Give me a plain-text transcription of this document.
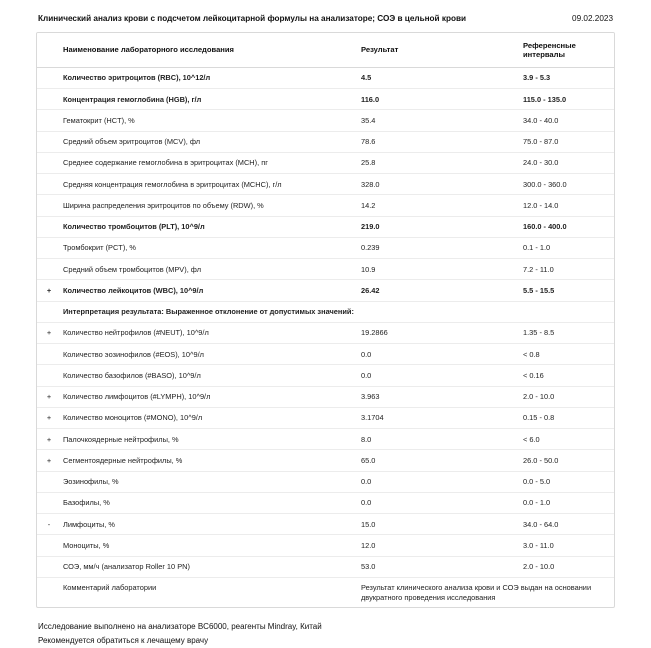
Клинический анализ крови с подсчетом лейкоцитарной формулы на анализаторе; СОЭ в цельной крови	09.02.2023
	Наименование лабораторного исследования	Результат	Референсные интервалы
	Количество эритроцитов (RBC), 10^12/л	4.5	3.9 - 5.3
	Концентрация гемоглобина (HGB), г/л	116.0	115.0 - 135.0
	Гематокрит (HCT), %	35.4	34.0 - 40.0
	Средний объем эритроцитов (MCV), фл	78.6	75.0 - 87.0
	Среднее содержание гемоглобина в эритроцитах (MCH), пг	25.8	24.0 - 30.0
	Средняя концентрация гемоглобина в эритроцитах (MCHC), г/л	328.0	300.0 - 360.0
	Ширина распределения эритроцитов по объему (RDW), %	14.2	12.0 - 14.0
	Количество тромбоцитов (PLT), 10^9/л	219.0	160.0 - 400.0
	Тромбокрит (PCT), %	0.239	0.1 - 1.0
	Средний объем тромбоцитов (MPV), фл	10.9	7.2 - 11.0
+	Количество лейкоцитов (WBC), 10^9/л	26.42	5.5 - 15.5
	Интерпретация результата: Выраженное отклонение от допустимых значений:		
+	Количество нейтрофилов (#NEUT), 10^9/л	19.2866	1.35 - 8.5
	Количество эозинофилов (#EOS), 10^9/л	0.0	< 0.8
	Количество базофилов (#BASO), 10^9/л	0.0	< 0.16
+	Количество лимфоцитов (#LYMPH), 10^9/л	3.963	2.0 - 10.0
+	Количество моноцитов (#MONO), 10^9/л	3.1704	0.15 - 0.8
+	Палочкоядерные нейтрофилы, %	8.0	< 6.0
+	Сегментоядерные нейтрофилы, %	65.0	26.0 - 50.0
	Эозинофилы, %	0.0	0.0 - 5.0
	Базофилы, %	0.0	0.0 - 1.0
-	Лимфоциты, %	15.0	34.0 - 64.0
	Моноциты, %	12.0	3.0 - 11.0
	СОЭ, мм/ч (анализатор Roller 10 PN)	53.0	2.0 - 10.0
	Комментарий лаборатории	Результат клинического анализа крови и СОЭ выдан на основании двукратного проведения исследования	
Исследование выполнено на анализаторе BC6000, реагенты Mindray, Китай
Рекомендуется обратиться к лечащему врачу
